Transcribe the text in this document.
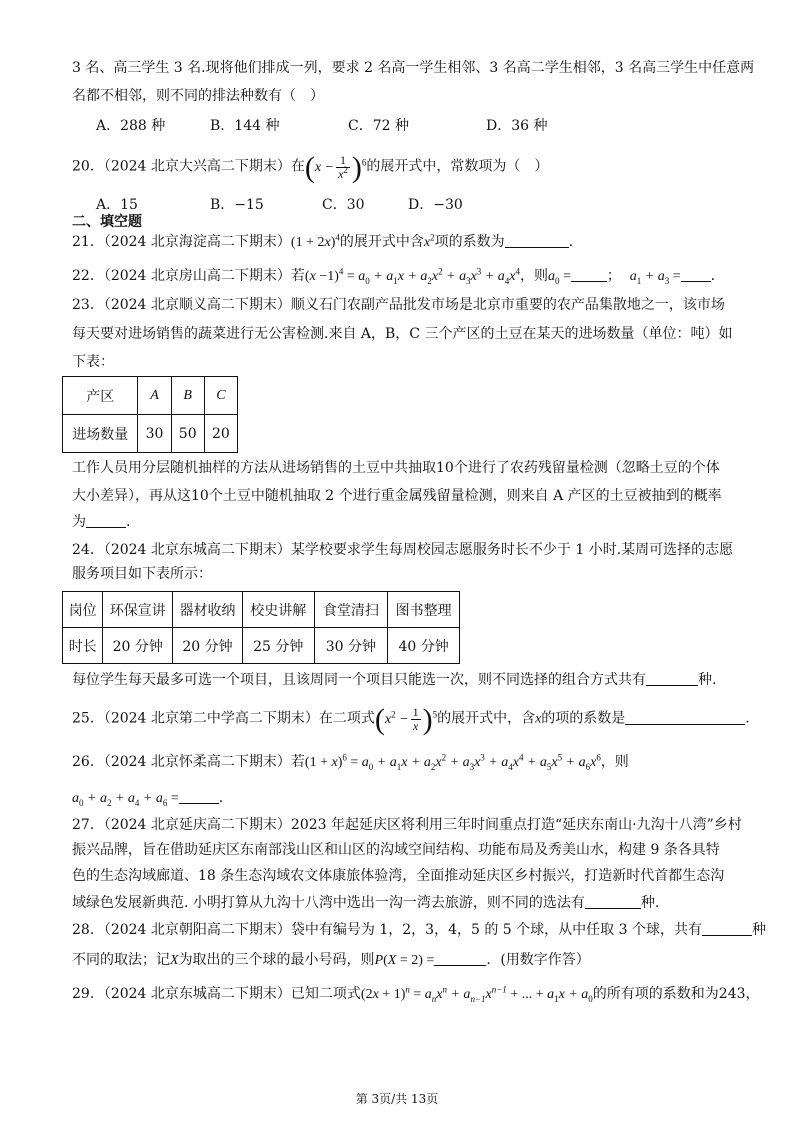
3 名、高三学生 3 名.现将他们排成一列，要求 2 名高一学生相邻、3 名高二学生相邻，3 名高三学生中任意两
名都不相邻，则不同的排法种数有（　）
A．288 种	B．144 种	C．72 种	D．36 种
20．（2024 北京大兴高二下期末）在$(x - \frac{1}{x^2} )^6$的展开式中，常数项为（　）
A．15	B．−15	C．30	D．−30
二、填空题
21．（2024 北京海淀高二下期末）$(1 + 2x)^4$的展开式中含$x^2$项的系数为	.
22．（2024 北京房山高二下期末）若$(x -1)^4 = a_0 + a_1x + a_2x^2 + a_3x^3 + a_4x^4$，则$a_0$ =	； $a_1 + a_3$ = .
23．（2024 北京顺义高二下期末）顺义石门农副产品批发市场是北京市重要的农产品集散地之一，该市场
每天要对进场销售的蔬菜进行无公害检测.来自 A，B，C 三个产区的土豆在某天的进场数量（单位：吨）如
下表：
产区	A	B	C
进场数量	30	50	20
工作人员用分层随机抽样的方法从进场销售的土豆中共抽取10个进行了农药残留量检测（忽略土豆的个体
大小差异），再从这10个土豆中随机抽取 2 个进行重金属残留量检测，则来自 A 产区的土豆被抽到的概率
为	.
24．（2024 北京东城高二下期末）某学校要求学生每周校园志愿服务时长不少于 1 小时.某周可选择的志愿
服务项目如下表所示：
岗位	环保宣讲	器材收纳	校史讲解	食堂清扫	图书整理
时长	20 分钟	20 分钟	25 分钟	30 分钟	40 分钟
每位学生每天最多可选一个项目，且该周同一个项目只能选一次，则不同选择的组合方式共有	种.
25．（2024 北京第二中学高二下期末）在二项式$(x^2 - \frac{1}{x} )^5$的展开式中，含x的项的系数是	.
26．（2024 北京怀柔高二下期末）若$(1 + x)^6 = a_0 + a_1x + a_2x^2 + a_3x^3 + a_4x^4 + a_5x^5 + a_6x^6$，则
$a_0 + a_2 + a_4 + a_6$ =	.
27．（2024 北京延庆高二下期末）2023 年起延庆区将利用三年时间重点打造“延庆东南山·九沟十八湾”乡村
振兴品牌，旨在借助延庆区东南部浅山区和山区的沟域空间结构、功能布局及秀美山水，构建 9 条各具特
色的生态沟域廊道、18 条生态沟域农文体康旅体验湾，全面推动延庆区乡村振兴，打造新时代首都生态沟
域绿色发展新典范. 小明打算从九沟十八湾中选出一沟一湾去旅游，则不同的选法有	种.
28．（2024 北京朝阳高二下期末）袋中有编号为 1，2，3，4，5 的 5 个球，从中任取 3 个球，共有	种
不同的取法；记X为取出的三个球的最小号码，则P(X = 2) =	．(用数字作答）
29．（2024 北京东城高二下期末）已知二项式$(2x + 1)^n = a_nx^n + a_{n-1}x^{n-1}$ + ... + $a_1x + a_0$的所有项的系数和为243，
第 3页/共 13页
